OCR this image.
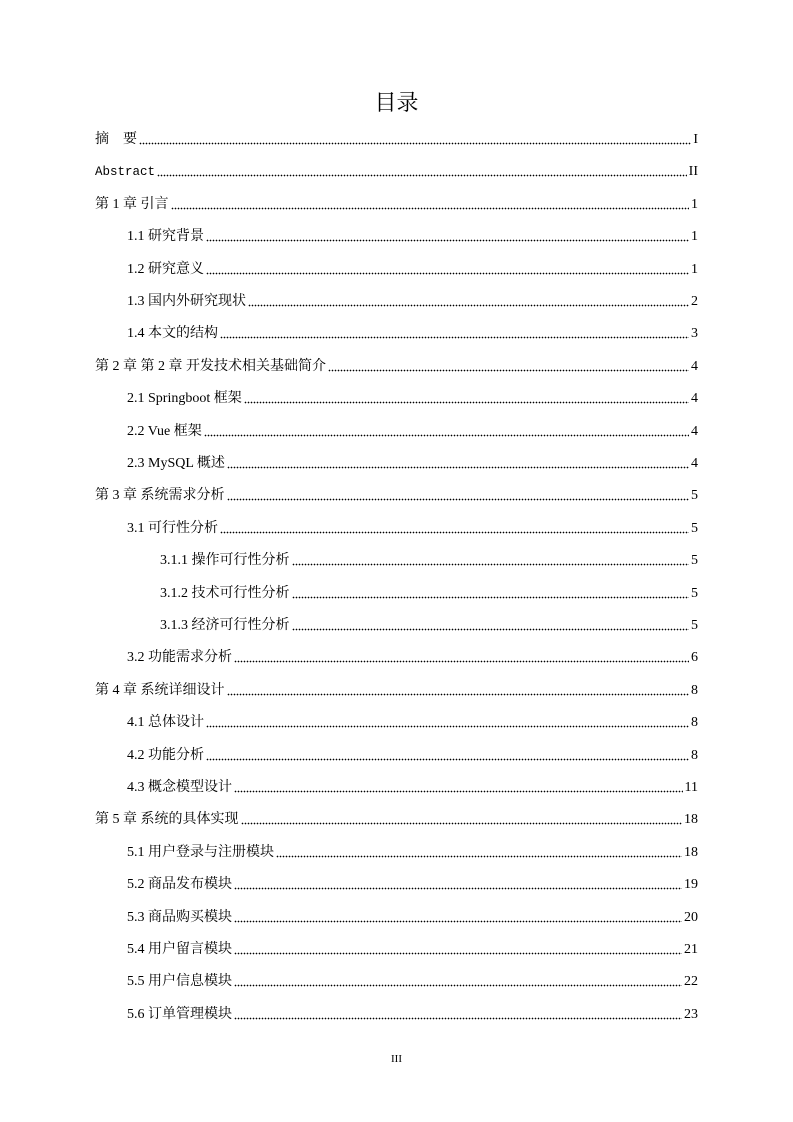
目录
摘　要	I
Abstract	II
第 1 章 引言	1
1.1 研究背景	1
1.2 研究意义	1
1.3 国内外研究现状	2
1.4 本文的结构	3
第 2 章 第 2 章 开发技术相关基础简介	4
2.1 Springboot 框架	4
2.2 Vue 框架	4
2.3 MySQL 概述	4
第 3 章 系统需求分析	5
3.1 可行性分析	5
3.1.1 操作可行性分析	5
3.1.2 技术可行性分析	5
3.1.3 经济可行性分析	5
3.2 功能需求分析	6
第 4 章 系统详细设计	8
4.1 总体设计	8
4.2 功能分析	8
4.3 概念模型设计	11
第 5 章 系统的具体实现	18
5.1 用户登录与注册模块	18
5.2 商品发布模块	19
5.3 商品购买模块	20
5.4 用户留言模块	21
5.5 用户信息模块	22
5.6 订单管理模块	23
III
